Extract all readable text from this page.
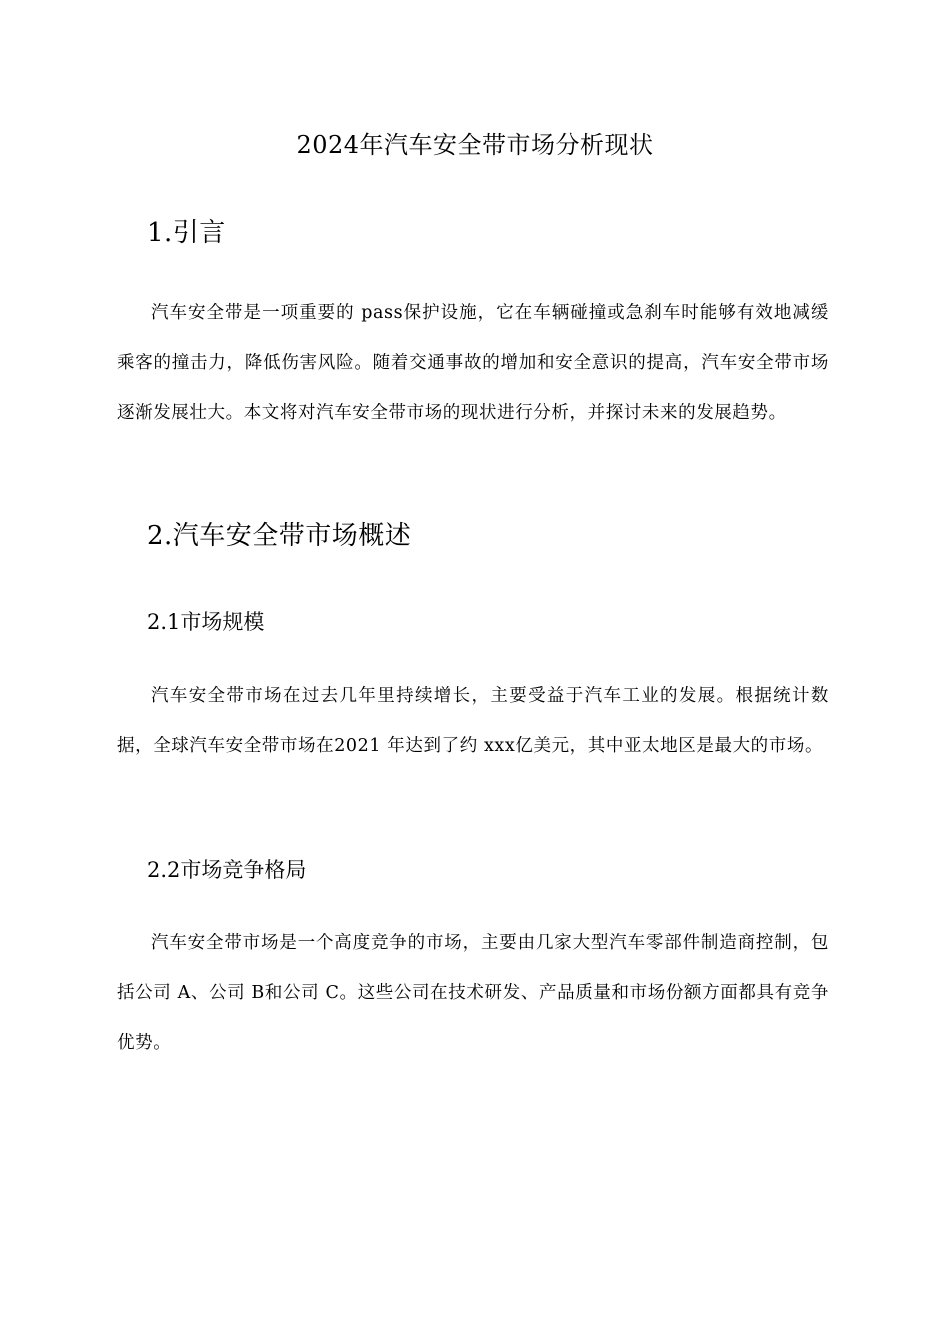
2024年汽车安全带市场分析现状
1.引言
汽车安全带是一项重要的 pass保护设施，它在车辆碰撞或急刹车时能够有效地减缓乘客的撞击力，降低伤害风险。随着交通事故的增加和安全意识的提高，汽车安全带市场逐渐发展壮大。本文将对汽车安全带市场的现状进行分析，并探讨未来的发展趋势。
2.汽车安全带市场概述
2.1市场规模
汽车安全带市场在过去几年里持续增长，主要受益于汽车工业的发展。根据统计数据，全球汽车安全带市场在2021 年达到了约 xxx亿美元，其中亚太地区是最大的市场。
2.2市场竞争格局
汽车安全带市场是一个高度竞争的市场，主要由几家大型汽车零部件制造商控制，包括公司 A、公司 B和公司 C。这些公司在技术研发、产品质量和市场份额方面都具有竞争优势。
